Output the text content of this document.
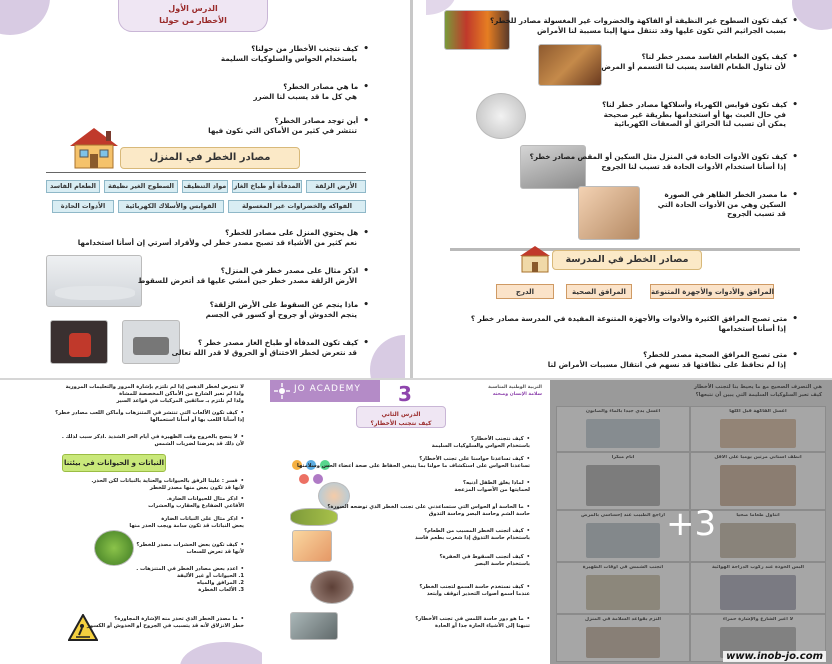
الدرس الأول
الأخطار من حولنا
• كيف نتجنب الأخطار من حولنا؟
باستخدام الحواس والسلوكيات السليمة
• ما هي مصادر الخطر؟
هي كل ما قد يسبب لنا الضرر
• أين توجد مصادر الخطر؟
تنتشر في كثير من الأماكن التي نكون فيها
مصادر الخطر في المنزل
الأرض الزلقة
المدفأة أو طباخ الغاز
مواد التنظيف
السطوح الغير نظيفة
الطعام الفاسد
الفواكه والخضراوات غير المغسولة
القوابس والأسلاك الكهربائية
الأدوات الحادة
• هل يحتوي المنزل على مصادر للخطر؟
نعم كثير من الأشياء قد تصبح مصدر خطر لي ولأفراد أسرتي إن أسأنا استخدامها
• اذكر مثال على مصدر خطر في المنزل؟
الأرض الزلقة مصدر خطر حين أمشي عليها قد أتعرض للسقوط
• ماذا ينجم عن السقوط على الأرض الزلقة؟
ينجم الخدوش أو جروح أو كسور في الجسم
• كيف تكون المدفأة أو طباخ الغاز مصدر خطر ؟
قد نتعرض لخطر الاختناق أو الحروق لا قدر الله تعالى
• كيف تكون السطوح غير النظيفة أو الفاكهة والخضروات غير المغسولة مصادر للخطر؟
بسبب الجراثيم التي تكون عليها وقد تنتقل منها إلينا مسببة لنا الأمراض
• كيف يكون الطعام الفاسد مصدر خطر لنا؟
لأن تناول الطعام الفاسد يسبب لنا التسمم أو المرض
• كيف تكون قوابس الكهرباء وأسلاكها مصادر خطر لنا؟
في حال العبث بها أو استخدامها بطريقة غير صحيحة
يمكن أن تسبب لنا الحرائق أو الصعقات الكهربائية
• كيف تكون الأدوات الحادة في المنزل مثل السكين أو المقص مصادر خطر؟
إذا أسأنا استخدام الأدوات الحادة قد تسبب لنا الجروح
• ما مصدر الخطر الظاهر في الصورة
السكين وهي من الأدوات الحادة التي
قد تسبب الجروح
مصادر الخطر في المدرسة
المرافق والأدوات والأجهزة المتنوعة
المرافق الصحية
الدرج
• متى تصبح المرافق الكثيرة والأدوات والأجهزة المتنوعة المفيدة في المدرسة مصادر خطر ؟
إذا أسأنا استخدامها
• متى تصبح المرافق الصحية مصدر للخطر؟
إذا لم نحافظ على نظافتها قد نسهم في انتقال مسببات الأمراض لنا
لا نتعرض لخطر الدهس إذا لم نلتزم بإشارة المرور والتعليمات المرورية
ولذا لم نعبر الشارع من الأماكن المخصصة للمشاة
ولذا لم نلتزم بـ سائقين المركبات في قواعد السير
• كيف تكون الألعاب التي تنتشر في المتنزهات وأماكن اللعب مصادر خطر؟
إذا أسأنا اللعب بها أو أسأنا استعمالها
• لا ينصح بالخروج وقت الظهيرة في أيام الحر الشديد .اذكر سبب لذلك .
لأن ذلك قد يعرضنا لضربات الشمس
النباتات و الحيوانات في بيئتنا
• فسر : علينا الرفق بالحيوانات والعناية بالنباتات لكن الحذر.
لأنها قد تكون بعض منها مصدر للخطر
• اذكر مثال للحيوانات الضارة.
الأفاعي الضفادع والعقارب والحشرات
• اذكر مثال على النباتات الضارة
بعض النباتات قد تكون سامة ويجب الحذر منها
• كيف تكون بعض الحشرات مصدر للخطر؟
لأنها قد تعرض للسعات
• اعدد بعض مصادر الخطر في المتنزهات .
1. الحيوانات أو غير الأليفة
2. المرافق والمياه
3. الألعاب الخطرة
• ما مصدر الخطر الذي تحذر منه الإشارة المجاورة؟
خطر الانزلاق لأنه قد يتسبب في الجروح أو الخدوش أو الكسور
JO ACADEMY 3	التربية الوطنية المناسبة
سلامة الإنسان وصحته
الدرس الثاني
كيف نتجنب الأخطار؟
• كيف نتجنب الأخطار؟
باستخدام الحواس والسلوكيات السليمة
• كيف تساعدنا حواسنا على تجنب الأخطار؟
تساعدنا الحواس على استكشاف ما حولنا بما ينبغي الحفاظ على صحة أعضاء الحس وسلامتها
• لماذا يغلق الطفل أذنيه؟
لحمايتها من الأصوات المزعجة
• ما الحاسة أو الحواس التي ستساعدني على تجنب الخطر الذي توضحه الصورة؟
حاسة الشم وحاسة البصر وحاسة التذوق
• كيف أتجنب الخطر المسبب من الطعام؟
باستخدام حاسة التذوق إذا شعرت بطعم فاسد
• كيف أتجنب السقوط في الحفرة؟
باستخدام حاسة البصر
• كيف نستخدم حاسة السمع لتجنب الخطر؟
عندما أسمع أصوات التحذير أتوقف وأبتعد
• ما هو دور حاسة اللمس في تجنب الأخطار؟
تنبهنا إلى الأشياء الحارة جدا أو الحادة
هي التصرف الصحيح مع ما يحيط بنا لتجنب الأخطار
كيف تعبر السلوكيات السليمة التي يبين أن نتبعها؟
أغسل الفاكهة قبل أكلها
أغسل يدي جيدا بالماء والصابون
أنظف أسناني مرتين يوميا على الأقل
أنام مبكرا
أتناول طعاما صحيا
أراجع الطبيب عند إحساسي بالمرض
ألبس الخوذة عند ركوب الدراجة الهوائية
أتجنب الشمس في أوقات الظهيرة
لا أعبر الشارع والإشارة حمراء
ألتزم بقواعد السلامة في المنزل
+3
www.inob-jo.com
